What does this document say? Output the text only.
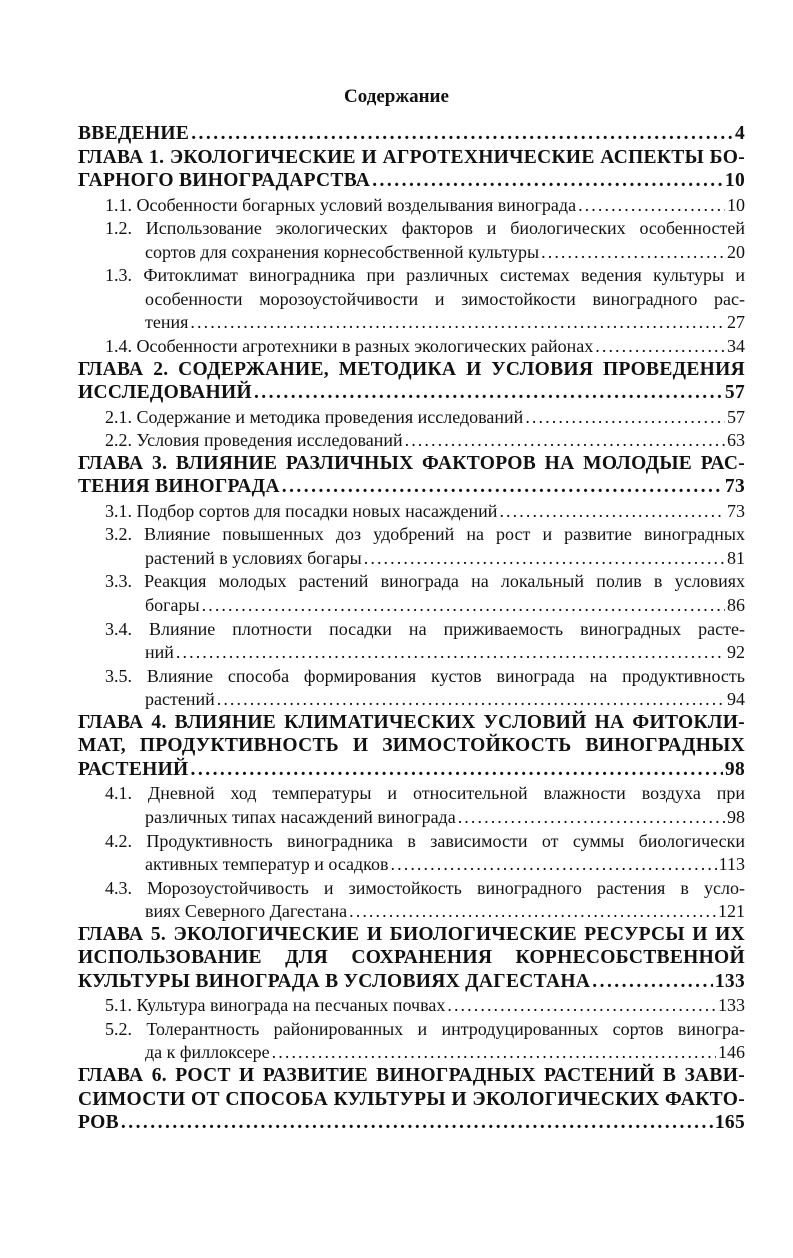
Содержание
ВВЕДЕНИЕ . . .	4
ГЛАВА 1. ЭКОЛОГИЧЕСКИЕ И АГРОТЕХНИЧЕСКИЕ АСПЕКТЫ БО-
ГАРНОГО ВИНОГРАДАРСТВА . . .	10
1.1. Особенности богарных условий возделывания винограда . . .	10
1.2. Использование экологических факторов и биологических особенностей
сортов для сохранения корнесобственной культуры . . .	20
1.3. Фитоклимат виноградника при различных системах ведения культуры и
особенности морозоустойчивости и зимостойкости виноградного рас-
тения . . .	27
1.4. Особенности агротехники в разных экологических районах . . .	34
ГЛАВА 2. СОДЕРЖАНИЕ, МЕТОДИКА И УСЛОВИЯ ПРОВЕДЕНИЯ
ИССЛЕДОВАНИЙ . . .	57
2.1. Содержание и методика проведения исследований . . .	57
2.2. Условия проведения исследований . . .	63
ГЛАВА 3. ВЛИЯНИЕ РАЗЛИЧНЫХ ФАКТОРОВ НА МОЛОДЫЕ РАС-
ТЕНИЯ ВИНОГРАДА . . .	73
3.1. Подбор сортов для посадки новых насаждений . . .	73
3.2. Влияние повышенных доз удобрений на рост и развитие виноградных
растений в условиях богары . . .	81
3.3. Реакция молодых растений винограда на локальный полив в условиях
богары . . .	86
3.4. Влияние плотности посадки на приживаемость виноградных расте-
ний . . .	92
3.5. Влияние способа формирования кустов винограда на продуктивность
растений . . .	94
ГЛАВА 4. ВЛИЯНИЕ КЛИМАТИЧЕСКИХ УСЛОВИЙ НА ФИТОКЛИ-
МАТ, ПРОДУКТИВНОСТЬ И ЗИМОСТОЙКОСТЬ ВИНОГРАДНЫХ
РАСТЕНИЙ . . .	98
4.1. Дневной ход температуры и относительной влажности воздуха при
различных типах насаждений винограда . . .	98
4.2. Продуктивность виноградника в зависимости от суммы биологически
активных температур и осадков . . .	113
4.3. Морозоустойчивость и зимостойкость виноградного растения в усло-
виях Северного Дагестана . . .	121
ГЛАВА 5. ЭКОЛОГИЧЕСКИЕ И БИОЛОГИЧЕСКИЕ РЕСУРСЫ И ИХ
ИСПОЛЬЗОВАНИЕ ДЛЯ СОХРАНЕНИЯ КОРНЕСОБСТВЕННОЙ
КУЛЬТУРЫ ВИНОГРАДА В УСЛОВИЯХ ДАГЕСТАНА . . .	133
5.1. Культура винограда на песчаных почвах . . .	133
5.2. Толерантность районированных и интродуцированных сортов виногра-
да к филлоксере . . .	146
ГЛАВА 6. РОСТ И РАЗВИТИЕ ВИНОГРАДНЫХ РАСТЕНИЙ В ЗАВИ-
СИМОСТИ ОТ СПОСОБА КУЛЬТУРЫ И ЭКОЛОГИЧЕСКИХ ФАКТО-
РОВ . . .	165
